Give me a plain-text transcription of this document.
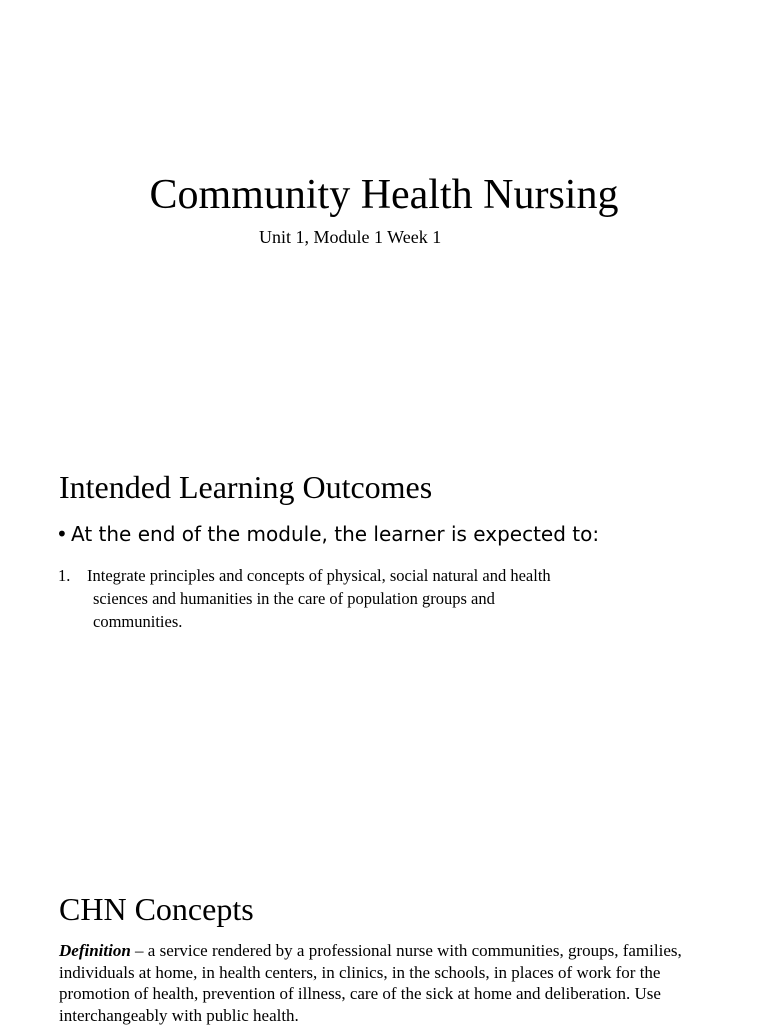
Community Health Nursing
Unit 1, Module 1 Week 1
Intended Learning Outcomes
• At the end of the module, the learner is expected to:
1. Integrate principles and concepts of physical, social natural and health
sciences and humanities in the care of population groups and
communities.
CHN Concepts
Definition – a service rendered by a professional nurse with communities, groups, families, individuals at home, in health centers, in clinics, in the schools, in places of work for the promotion of health, prevention of illness, care of the sick at home and deliberation. Use interchangeably with public health.
